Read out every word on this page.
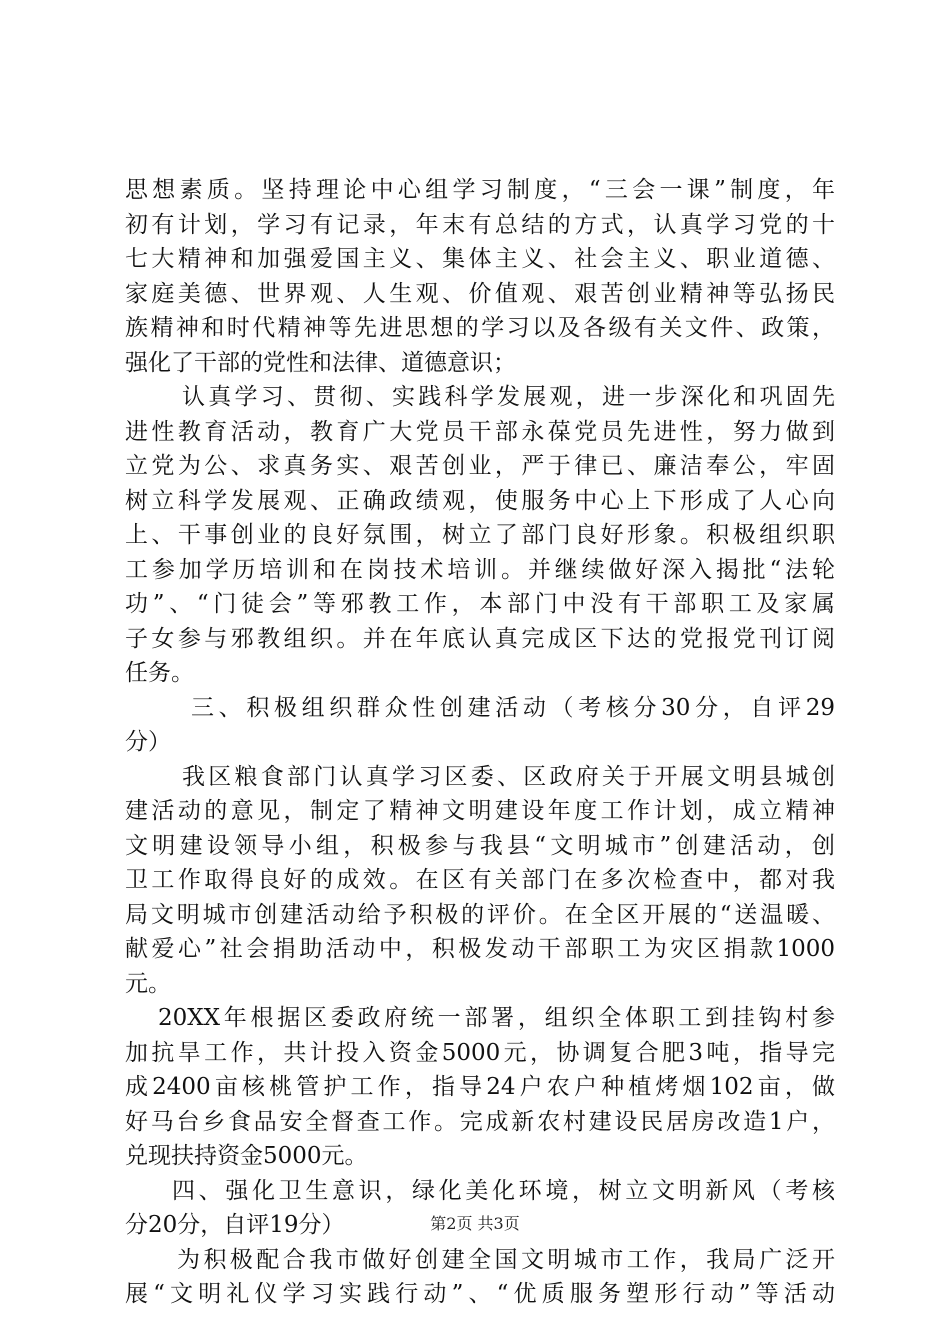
思想素质。坚持理论中心组学习制度，“三会一课”制度，年
初有计划，学习有记录，年末有总结的方式，认真学习党的十
七大精神和加强爱国主义、集体主义、社会主义、职业道德、
家庭美德、世界观、人生观、价值观、艰苦创业精神等弘扬民
族精神和时代精神等先进思想的学习以及各级有关文件、政策，
强化了干部的党性和法律、道德意识；
认真学习、贯彻、实践科学发展观，进一步深化和巩固先
进性教育活动，教育广大党员干部永葆党员先进性，努力做到
立党为公、求真务实、艰苦创业，严于律已、廉洁奉公，牢固
树立科学发展观、正确政绩观，使服务中心上下形成了人心向
上、干事创业的良好氛围，树立了部门良好形象。积极组织职
工参加学历培训和在岗技术培训。并继续做好深入揭批“法轮
功”、“门徒会”等邪教工作，本部门中没有干部职工及家属
子女参与邪教组织。并在年底认真完成区下达的党报党刊订阅
任务。
三、积极组织群众性创建活动（考核分30分，自评29
分）
我区粮食部门认真学习区委、区政府关于开展文明县城创
建活动的意见，制定了精神文明建设年度工作计划，成立精神
文明建设领导小组，积极参与我县“文明城市”创建活动，创
卫工作取得良好的成效。在区有关部门在多次检查中，都对我
局文明城市创建活动给予积极的评价。在全区开展的“送温暖、
献爱心”社会捐助活动中，积极发动干部职工为灾区捐款1000
元。
20XX年根据区委政府统一部署，组织全体职工到挂钩村参
加抗旱工作，共计投入资金5000元，协调复合肥3吨，指导完
成2400亩核桃管护工作，指导24户农户种植烤烟102亩，做
好马台乡食品安全督查工作。完成新农村建设民居房改造1户，
兑现扶持资金5000元。
四、强化卫生意识，绿化美化环境，树立文明新风（考核
分20分，自评19分）
为积极配合我市做好创建全国文明城市工作，我局广泛开
展“文明礼仪学习实践行动”、“优质服务塑形行动”等活动
第2页 共3页
